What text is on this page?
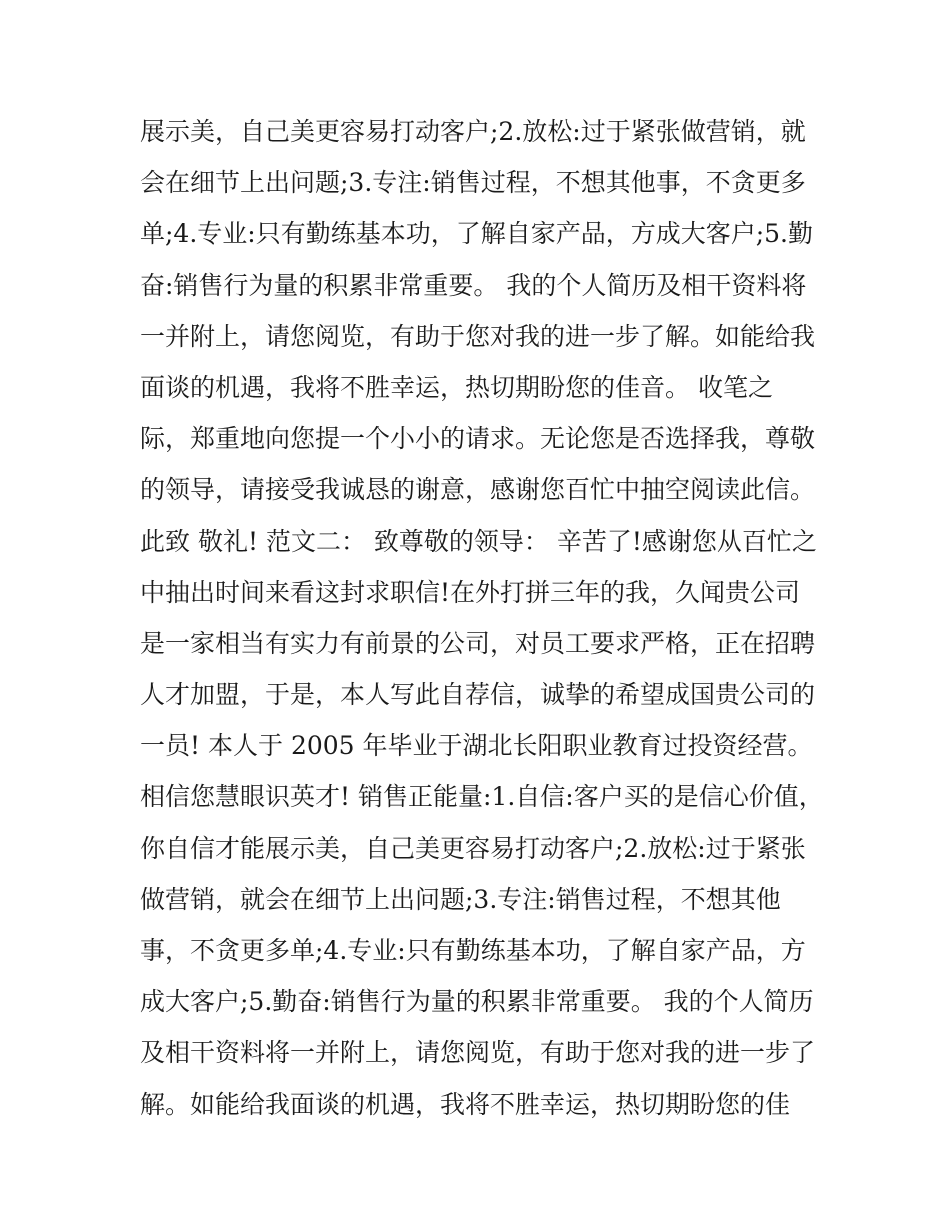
展示美，自己美更容易打动客户;2.放松:过于紧张做营销，就
会在细节上出问题;3.专注:销售过程，不想其他事，不贪更多
单;4.专业:只有勤练基本功，了解自家产品，方成大客户;5.勤
奋:销售行为量的积累非常重要。 我的个人简历及相干资料将
一并附上，请您阅览，有助于您对我的进一步了解。如能给我
面谈的机遇，我将不胜幸运，热切期盼您的佳音。 收笔之
际，郑重地向您提一个小小的请求。无论您是否选择我，尊敬
的领导，请接受我诚恳的谢意，感谢您百忙中抽空阅读此信。
此致 敬礼! 范文二： 致尊敬的领导： 辛苦了!感谢您从百忙之
中抽出时间来看这封求职信!在外打拼三年的我，久闻贵公司
是一家相当有实力有前景的公司，对员工要求严格，正在招聘
人才加盟，于是，本人写此自荐信，诚挚的希望成国贵公司的
一员! 本人于 2005 年毕业于湖北长阳职业教育过投资经营。
相信您慧眼识英才! 销售正能量:1.自信:客户买的是信心价值，
你自信才能展示美，自己美更容易打动客户;2.放松:过于紧张
做营销，就会在细节上出问题;3.专注:销售过程，不想其他
事，不贪更多单;4.专业:只有勤练基本功，了解自家产品，方
成大客户;5.勤奋:销售行为量的积累非常重要。 我的个人简历
及相干资料将一并附上，请您阅览，有助于您对我的进一步了
解。如能给我面谈的机遇，我将不胜幸运，热切期盼您的佳
